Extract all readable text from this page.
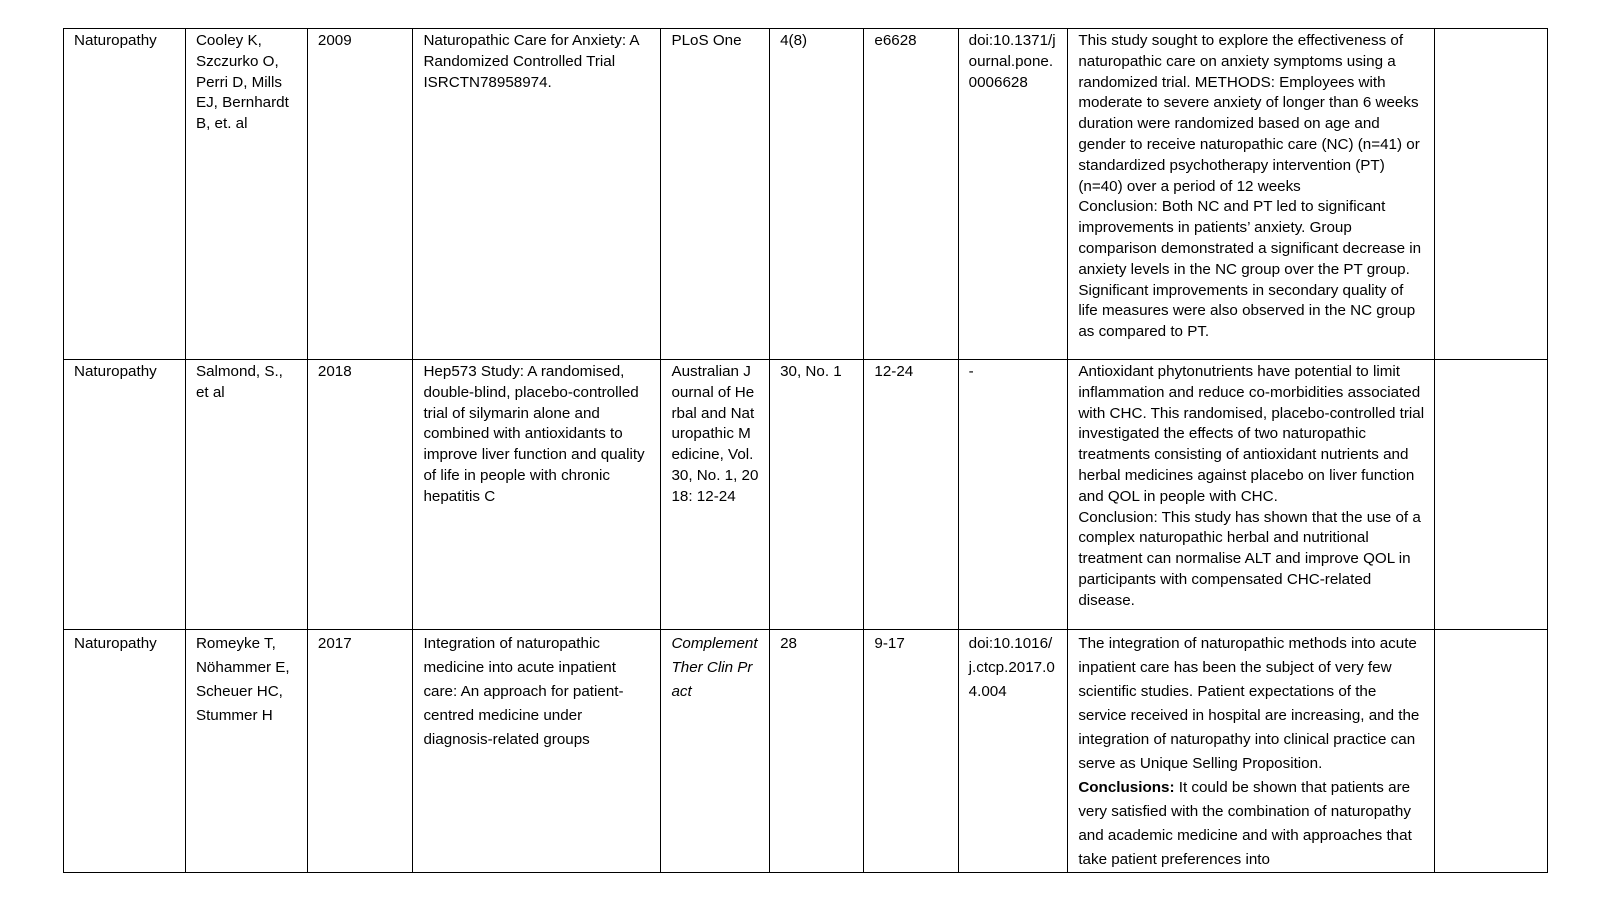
Naturopathy	Cooley K, Szczurko O, Perri D, Mills EJ, Bernhardt B, et. al	2009	Naturopathic Care for Anxiety: A Randomized Controlled Trial ISRCTN78958974.	PLoS One	4(8)	e6628	doi:10.1371/journal.pone.0006628	This study sought to explore the effectiveness of naturopathic care on anxiety symptoms using a randomized trial. METHODS: Employees with moderate to severe anxiety of longer than 6 weeks duration were randomized based on age and gender to receive naturopathic care (NC) (n=41) or standardized psychotherapy intervention (PT) (n=40) over a period of 12 weeks
Conclusion: Both NC and PT led to significant improvements in patients’ anxiety. Group comparison demonstrated a significant decrease in anxiety levels in the NC group over the PT group. Significant improvements in secondary quality of life measures were also observed in the NC group as compared to PT.	

Naturopathy	Salmond, S., et al	2018	Hep573 Study: A randomised, double-blind, placebo-controlled trial of silymarin alone and combined with antioxidants to improve liver function and quality of life in people with chronic hepatitis C	Australian Journal of Herbal and Naturopathic Medicine, Vol. 30, No. 1, 2018: 12-24	30, No. 1	12-24	-	Antioxidant phytonutrients have potential to limit inflammation and reduce co-morbidities associated with CHC. This randomised, placebo-controlled trial investigated the effects of two naturopathic treatments consisting of antioxidant nutrients and herbal medicines against placebo on liver function and QOL in people with CHC.
Conclusion: This study has shown that the use of a complex naturopathic herbal and nutritional treatment can normalise ALT and improve QOL in participants with compensated CHC-related disease.	

Naturopathy	Romeyke T, Nöhammer E, Scheuer HC, Stummer H	2017	Integration of naturopathic medicine into acute inpatient care: An approach for patient-centred medicine under diagnosis-related groups	Complement Ther Clin Pract	28	9-17	doi:10.1016/j.ctcp.2017.04.004	The integration of naturopathic methods into acute inpatient care has been the subject of very few scientific studies. Patient expectations of the service received in hospital are increasing, and the integration of naturopathy into clinical practice can serve as Unique Selling Proposition.
Conclusions: It could be shown that patients are very satisfied with the combination of naturopathy and academic medicine and with approaches that take patient preferences into	
